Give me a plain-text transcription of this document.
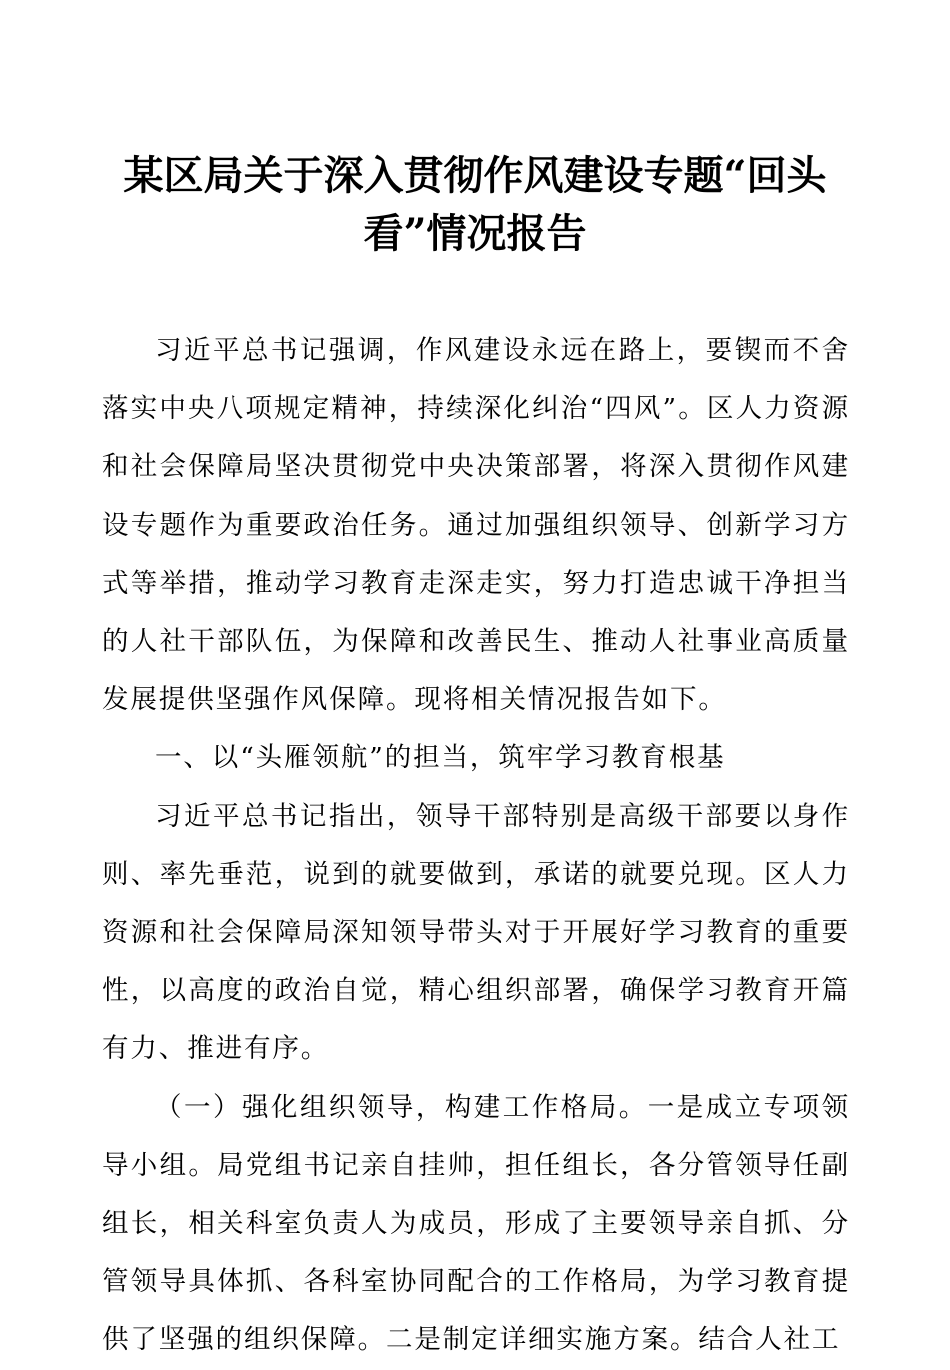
某区局关于深入贯彻作风建设专题“回头看”情况报告

习近平总书记强调，作风建设永远在路上，要锲而不舍落实中央八项规定精神，持续深化纠治“四风”。区人力资源和社会保障局坚决贯彻党中央决策部署，将深入贯彻作风建设专题作为重要政治任务。通过加强组织领导、创新学习方式等举措，推动学习教育走深走实，努力打造忠诚干净担当的人社干部队伍，为保障和改善民生、推动人社事业高质量发展提供坚强作风保障。现将相关情况报告如下。

一、以“头雁领航”的担当，筑牢学习教育根基

习近平总书记指出，领导干部特别是高级干部要以身作则、率先垂范，说到的就要做到，承诺的就要兑现。区人力资源和社会保障局深知领导带头对于开展好学习教育的重要性，以高度的政治自觉，精心组织部署，确保学习教育开篇有力、推进有序。

（一）强化组织领导，构建工作格局。一是成立专项领导小组。局党组书记亲自挂帅，担任组长，各分管领导任副组长，相关科室负责人为成员，形成了主要领导亲自抓、分管领导具体抓、各科室协同配合的工作格局，为学习教育提供了坚强的组织保障。二是制定详细实施方案。结合人社工
